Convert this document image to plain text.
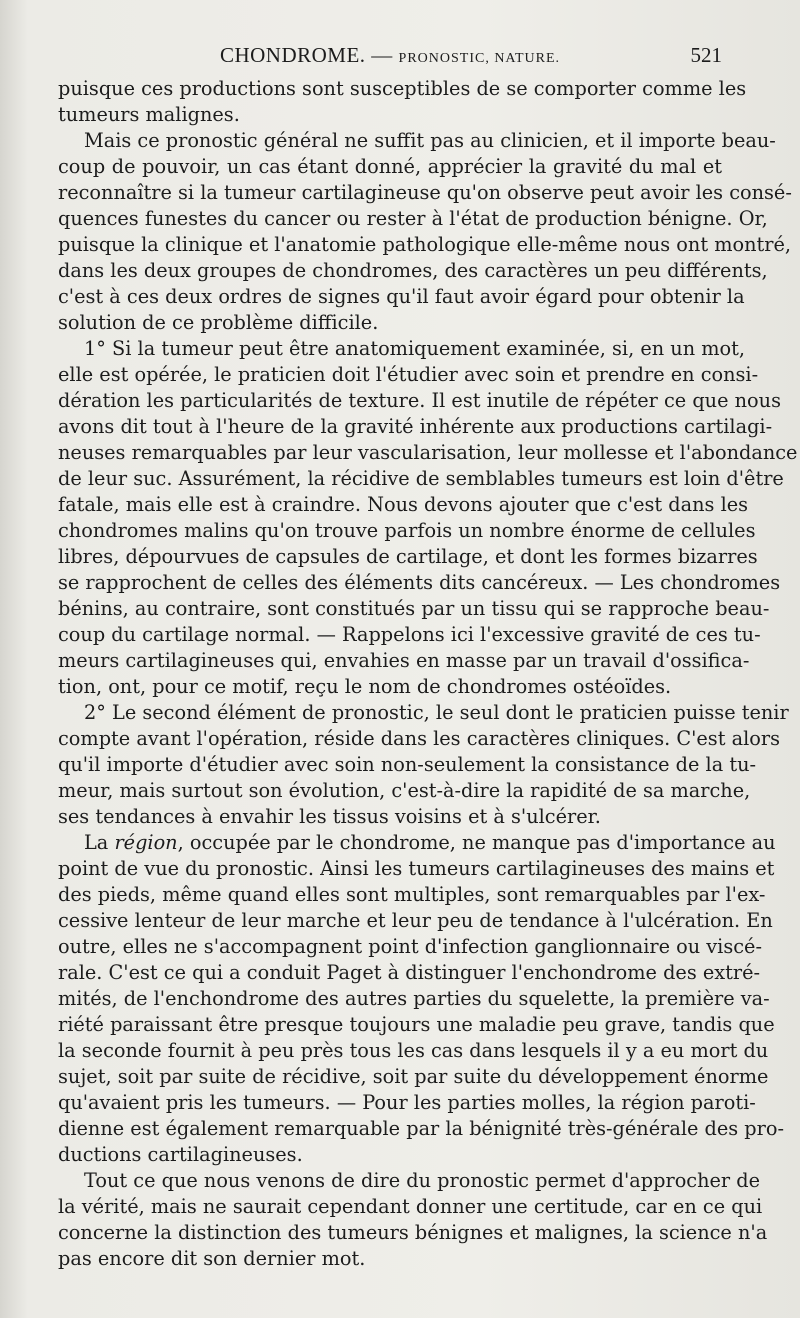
CHONDROME. — PRONOSTIC, NATURE.	521
puisque ces productions sont susceptibles de se comporter comme les
tumeurs malignes.
Mais ce pronostic général ne suffit pas au clinicien, et il importe beau-
coup de pouvoir, un cas étant donné, apprécier la gravité du mal et
reconnaître si la tumeur cartilagineuse qu'on observe peut avoir les consé-
quences funestes du cancer ou rester à l'état de production bénigne. Or,
puisque la clinique et l'anatomie pathologique elle-même nous ont montré,
dans les deux groupes de chondromes, des caractères un peu différents,
c'est à ces deux ordres de signes qu'il faut avoir égard pour obtenir la
solution de ce problème difficile.
1° Si la tumeur peut être anatomiquement examinée, si, en un mot,
elle est opérée, le praticien doit l'étudier avec soin et prendre en consi-
dération les particularités de texture. Il est inutile de répéter ce que nous
avons dit tout à l'heure de la gravité inhérente aux productions cartilagi-
neuses remarquables par leur vascularisation, leur mollesse et l'abondance
de leur suc. Assurément, la récidive de semblables tumeurs est loin d'être
fatale, mais elle est à craindre. Nous devons ajouter que c'est dans les
chondromes malins qu'on trouve parfois un nombre énorme de cellules
libres, dépourvues de capsules de cartilage, et dont les formes bizarres
se rapprochent de celles des éléments dits cancéreux. — Les chondromes
bénins, au contraire, sont constitués par un tissu qui se rapproche beau-
coup du cartilage normal. — Rappelons ici l'excessive gravité de ces tu-
meurs cartilagineuses qui, envahies en masse par un travail d'ossifica-
tion, ont, pour ce motif, reçu le nom de chondromes ostéoïdes.
2° Le second élément de pronostic, le seul dont le praticien puisse tenir
compte avant l'opération, réside dans les caractères cliniques. C'est alors
qu'il importe d'étudier avec soin non-seulement la consistance de la tu-
meur, mais surtout son évolution, c'est-à-dire la rapidité de sa marche,
ses tendances à envahir les tissus voisins et à s'ulcérer.
La région, occupée par le chondrome, ne manque pas d'importance au
point de vue du pronostic. Ainsi les tumeurs cartilagineuses des mains et
des pieds, même quand elles sont multiples, sont remarquables par l'ex-
cessive lenteur de leur marche et leur peu de tendance à l'ulcération. En
outre, elles ne s'accompagnent point d'infection ganglionnaire ou viscé-
rale. C'est ce qui a conduit Paget à distinguer l'enchondrome des extré-
mités, de l'enchondrome des autres parties du squelette, la première va-
riété paraissant être presque toujours une maladie peu grave, tandis que
la seconde fournit à peu près tous les cas dans lesquels il y a eu mort du
sujet, soit par suite de récidive, soit par suite du développement énorme
qu'avaient pris les tumeurs. — Pour les parties molles, la région paroti-
dienne est également remarquable par la bénignité très-générale des pro-
ductions cartilagineuses.
Tout ce que nous venons de dire du pronostic permet d'approcher de
la vérité, mais ne saurait cependant donner une certitude, car en ce qui
concerne la distinction des tumeurs bénignes et malignes, la science n'a
pas encore dit son dernier mot.
